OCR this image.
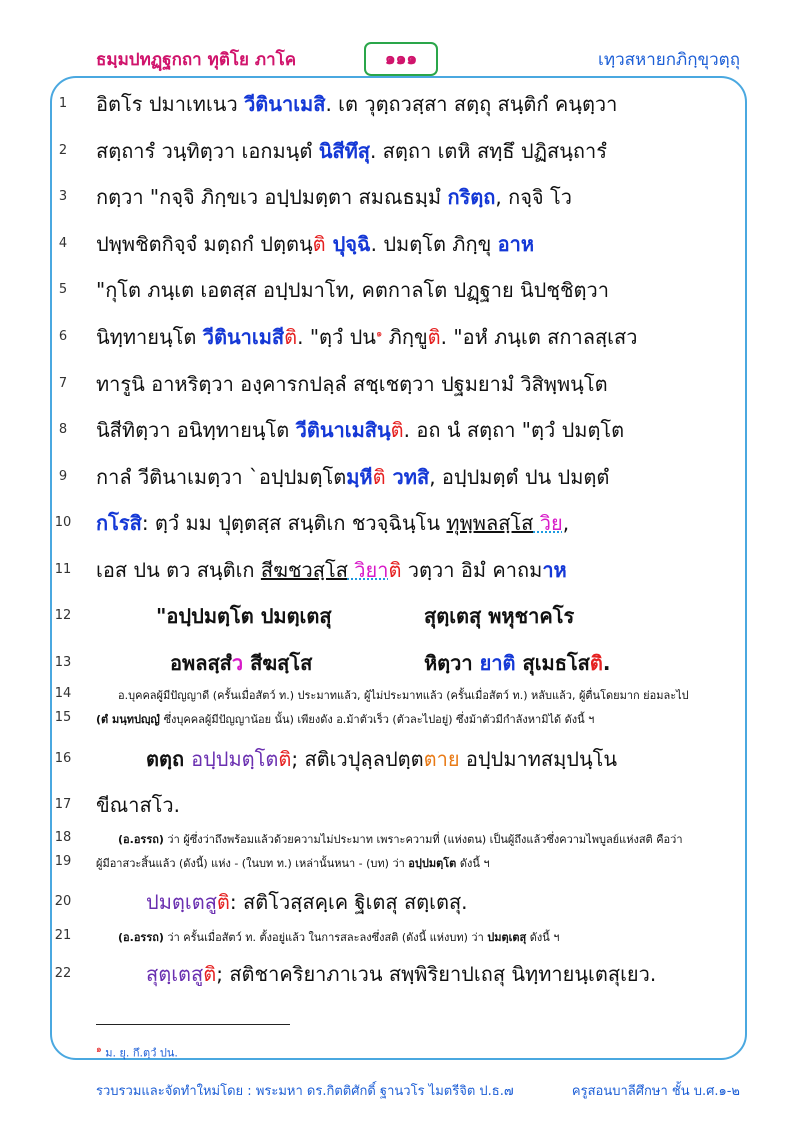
ธมฺมปทฏฺฐกถา ทุติโย ภาโค	๑๑๑	เทฺวสหายกภิกฺขุวตฺถุ
1	อิตโร ปมาเทเนว วีตินาเมสิ. เต วุตฺถวสฺสา สตฺถุ สนฺติกํ คนฺตฺวา
2	สตฺถารํ วนฺทิตฺวา เอกมนฺตํ นิสีทึสุ. สตฺถา เตหิ สทฺธึ ปฏิสนฺถารํ
3	กตฺวา "กจฺจิ ภิกฺขเว อปฺปมตฺตา สมณธมฺมํ กริตฺถ, กจฺจิ โว
4	ปพฺพชิตกิจฺจํ มตฺถกํ ปตฺตนฺติ ปุจฺฉิ. ปมตฺโต ภิกฺขุ อาห
5	"กุโต ภนฺเต เอตสฺส อปฺปมาโท, คตกาลโต ปฏฺฐาย นิปชฺชิตฺวา
6	นิทฺทายนฺโต วีตินาเมสีติ. "ตฺวํ ปน$^๑$ ภิกฺขูติ. "อหํ ภนฺเต สกาลสฺเสว
7	ทารูนิ อาหริตฺวา องฺคารกปลฺลํ สชฺเชตฺวา ปฐมยามํ วิสิพฺพนฺโต
8	นิสีทิตฺวา อนิทฺทายนฺโต วีตินาเมสินฺติ. อถ นํ สตฺถา "ตฺวํ ปมตฺโต
9	กาลํ วีตินาเมตฺวา `อปฺปมตฺโตมฺหีติ วทสิ, อปฺปมตฺตํ ปน ปมตฺตํ
10	กโรสิ: ตฺวํ มม ปุตฺตสฺส สนฺติเก ชวจฺฉินฺโน ทุพฺพลสฺโส วิย,
11	เอส ปน ตว สนฺติเก สีฆชวสฺโส วิยาติ วตฺวา อิมํ คาถมาห
12	"อปฺปมตฺโต ปมตฺเตสุ	สุตฺเตสุ พหุชาคโร
13	อพลสฺสํว สีฆสฺโส	หิตฺวา ยาติ สุเมธโสติ.
14	อ.บุคคลผู้มีปัญญาดี (ครั้นเมื่อสัตว์ ท.) ประมาทแล้ว, ผู้ไม่ประมาทแล้ว (ครั้นเมื่อสัตว์ ท.) หลับแล้ว, ผู้ตื่นโดยมาก ย่อมละไป
15	(ตํ มนฺทปญฺญํ ซึ่งบุคคลผู้มีปัญญาน้อย นั้น) เพียงดัง อ.ม้าตัวเร็ว (ตัวละไปอยู่) ซึ่งม้าตัวมีกำลังหามิได้ ดังนี้ ฯ
16	ตตฺถ อปฺปมตฺโตติ; สติเวปุลฺลปตฺตตาย อปฺปมาทสมฺปนฺโน
17	ขีณาสโว.
18	(อ.อรรถ) ว่า ผู้ซึ่งว่าถึงพร้อมแล้วด้วยความไม่ประมาท เพราะความที่ (แห่งตน) เป็นผู้ถึงแล้วซึ่งความไพบูลย์แห่งสติ คือว่า
19	ผู้มีอาสวะสิ้นแล้ว (ดังนี้) แห่ง - (ในบท ท.) เหล่านั้นหนา - (บท) ว่า อปฺปมตฺโต ดังนี้ ฯ
20	ปมตฺเตสูติ: สติโวสฺสคฺเค ฐิเตสุ สตฺเตสุ.
21	(อ.อรรถ) ว่า ครั้นเมื่อสัตว์ ท. ตั้งอยู่แล้ว ในการสละลงซึ่งสติ (ดังนี้ แห่งบท) ว่า ปมตฺเตสุ ดังนี้ ฯ
22	สุตฺเตสูติ; สติชาคริยาภาเวน สพฺพิริยาปเถสุ นิทฺทายนฺเตสุเยว.
$^๑$ ม. ยุ. กึ.ตฺวํ ปน.
รวบรวมและจัดทำใหม่โดย : พระมหา ดร.กิตติศักดิ์ ฐานวโร ไมตรีจิต ป.ธ.๗	ครูสอนบาลีศึกษา ชั้น บ.ศ.๑-๒
